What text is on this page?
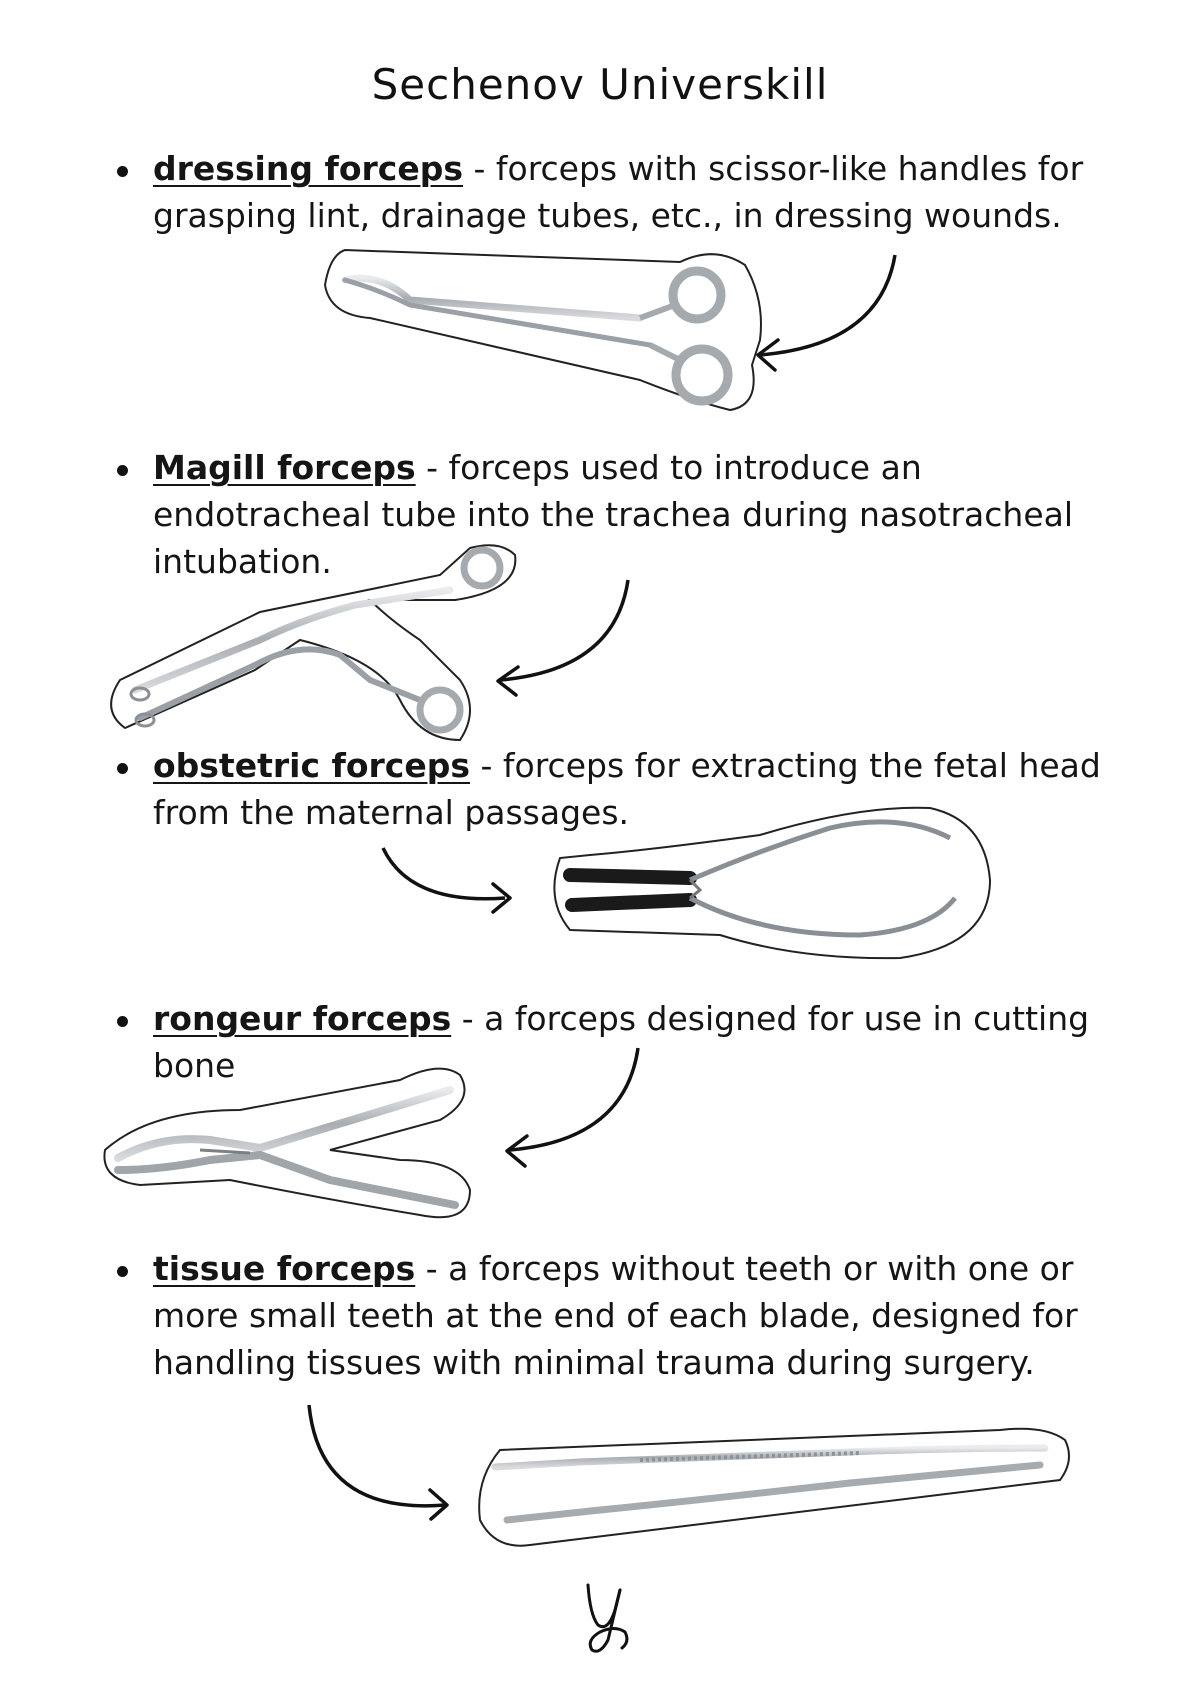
Sechenov Universkill
dressing forceps - forceps with scissor-like handles for grasping lint, drainage tubes, etc., in dressing wounds.
Magill forceps - forceps used to introduce an endotracheal tube into the trachea during nasotracheal intubation.
obstetric forceps - forceps for extracting the fetal head from the maternal passages.
rongeur forceps - a forceps designed for use in cutting bone
tissue forceps - a forceps without teeth or with one or more small teeth at the end of each blade, designed for handling tissues with minimal trauma during surgery.
